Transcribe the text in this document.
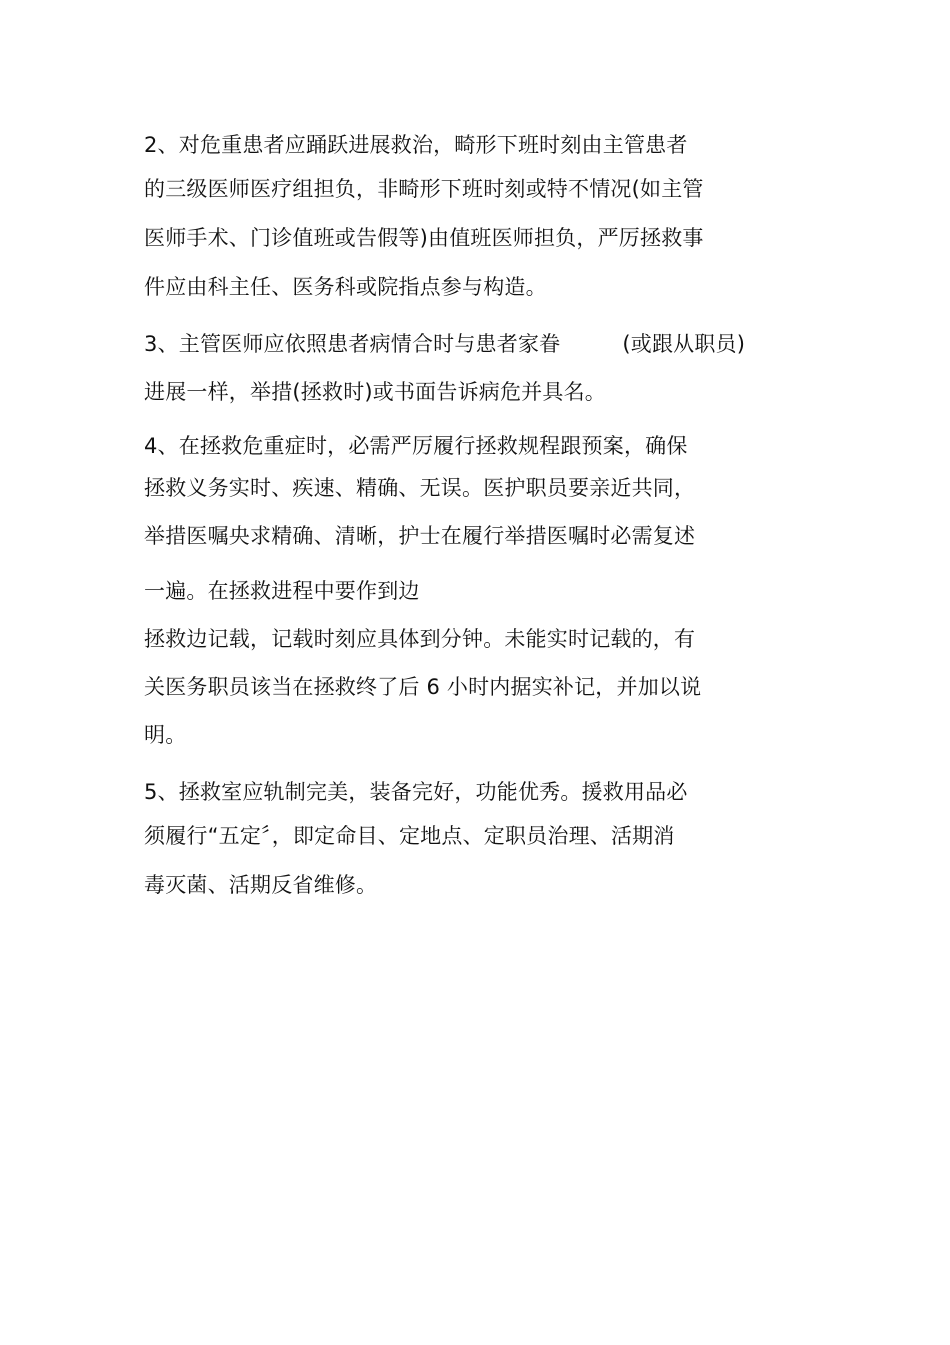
2、对危重患者应踊跃进展救治，畸形下班时刻由主管患者
的三级医师医疗组担负，非畸形下班时刻或特不情况(如主管
医师手术、门诊值班或告假等)由值班医师担负，严厉拯救事
件应由科主任、医务科或院指点参与构造。
3、主管医师应依照患者病情合时与患者家眷	(或跟从职员)
进展一样，举措(拯救时)或书面告诉病危并具名。
4、在拯救危重症时，必需严厉履行拯救规程跟预案，确保
拯救义务实时、疾速、精确、无误。医护职员要亲近共同，
举措医嘱央求精确、清晰，护士在履行举措医嘱时必需复述
一遍。在拯救进程中要作到边
拯救边记载，记载时刻应具体到分钟。未能实时记载的，有
关医务职员该当在拯救终了后 6 小时内据实补记，并加以说
明。
5、拯救室应轨制完美，装备完好，功能优秀。援救用品必
须履行“五定〞，即定命目、定地点、定职员治理、活期消
毒灭菌、活期反省维修。
